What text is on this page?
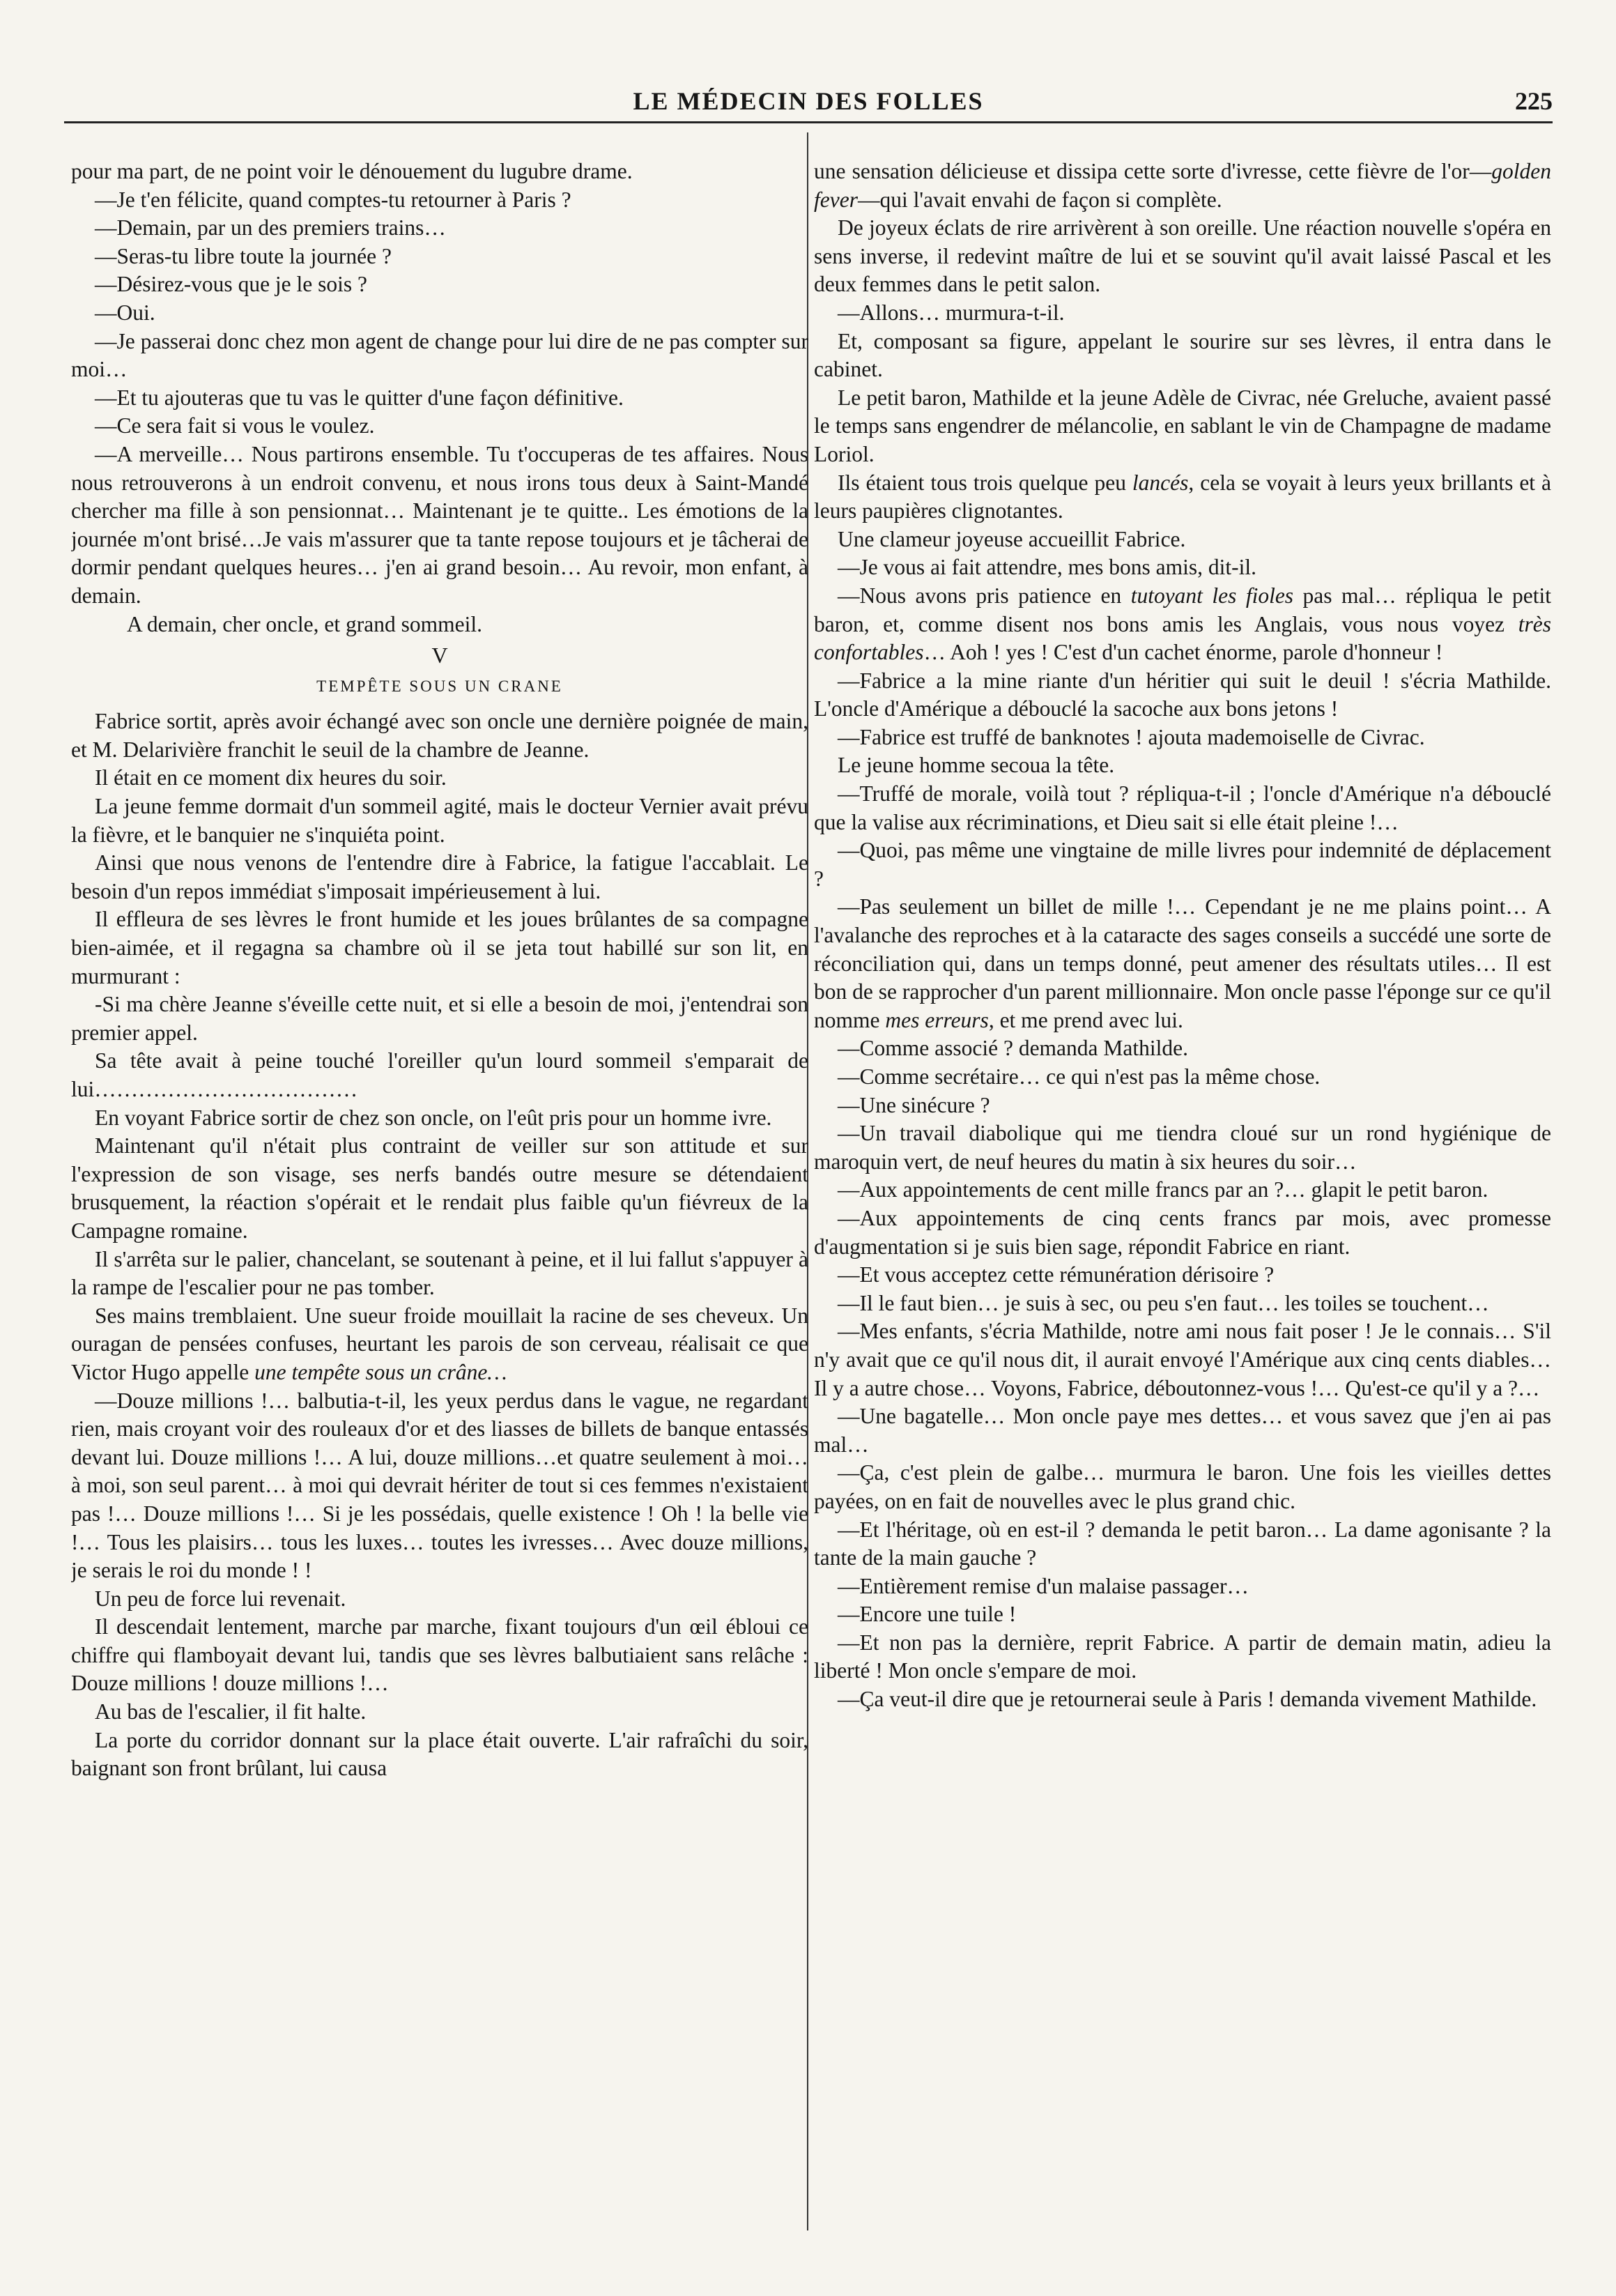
LE MÉDECIN DES FOLLES	225

pour ma part, de ne point voir le dénouement du lugubre drame.

—Je t'en félicite, quand comptes-tu retourner à Paris ?

—Demain, par un des premiers trains…

—Seras-tu libre toute la journée ?

—Désirez-vous que je le sois ?

—Oui.

—Je passerai donc chez mon agent de change pour lui dire de ne pas compter sur moi…

—Et tu ajouteras que tu vas le quitter d'une façon définitive.

—Ce sera fait si vous le voulez.

—A merveille… Nous partirons ensemble. Tu t'occuperas de tes affaires. Nous nous retrouverons à un endroit convenu, et nous irons tous deux à Saint-Mandé chercher ma fille à son pensionnat… Maintenant je te quitte.. Les émotions de la journée m'ont brisé…Je vais m'assurer que ta tante repose toujours et je tâcherai de dormir pendant quelques heures… j'en ai grand besoin… Au revoir, mon enfant, à demain.

A demain, cher oncle, et grand sommeil.

V

TEMPÊTE SOUS UN CRANE

Fabrice sortit, après avoir échangé avec son oncle une dernière poignée de main, et M. Delarivière franchit le seuil de la chambre de Jeanne.

Il était en ce moment dix heures du soir.

La jeune femme dormait d'un sommeil agité, mais le docteur Vernier avait prévu la fièvre, et le banquier ne s'inquiéta point.

Ainsi que nous venons de l'entendre dire à Fabrice, la fatigue l'accablait. Le besoin d'un repos immédiat s'imposait impérieusement à lui.

Il effleura de ses lèvres le front humide et les joues brûlantes de sa compagne bien-aimée, et il regagna sa chambre où il se jeta tout habillé sur son lit, en murmurant :

-Si ma chère Jeanne s'éveille cette nuit, et si elle a besoin de moi, j'entendrai son premier appel.

Sa tête avait à peine touché l'oreiller qu'un lourd sommeil s'emparait de lui………………………………

En voyant Fabrice sortir de chez son oncle, on l'eût pris pour un homme ivre.

Maintenant qu'il n'était plus contraint de veiller sur son attitude et sur l'expression de son visage, ses nerfs bandés outre mesure se détendaient brusquement, la réaction s'opérait et le rendait plus faible qu'un fiévreux de la Campagne romaine.

Il s'arrêta sur le palier, chancelant, se soutenant à peine, et il lui fallut s'appuyer à la rampe de l'escalier pour ne pas tomber.

Ses mains tremblaient. Une sueur froide mouillait la racine de ses cheveux. Un ouragan de pensées confuses, heurtant les parois de son cerveau, réalisait ce que Victor Hugo appelle une tempête sous un crâne…

—Douze millions !… balbutia-t-il, les yeux perdus dans le vague, ne regardant rien, mais croyant voir des rouleaux d'or et des liasses de billets de banque entassés devant lui. Douze millions !… A lui, douze millions…et quatre seulement à moi… à moi, son seul parent… à moi qui devrait hériter de tout si ces femmes n'existaient pas !… Douze millions !… Si je les possédais, quelle existence ! Oh ! la belle vie !… Tous les plaisirs… tous les luxes… toutes les ivresses… Avec douze millions, je serais le roi du monde ! !

Un peu de force lui revenait.

Il descendait lentement, marche par marche, fixant toujours d'un œil ébloui ce chiffre qui flamboyait devant lui, tandis que ses lèvres balbutiaient sans relâche : Douze millions ! douze millions !…

Au bas de l'escalier, il fit halte.

La porte du corridor donnant sur la place était ouverte. L'air rafraîchi du soir, baignant son front brûlant, lui causa

une sensation délicieuse et dissipa cette sorte d'ivresse, cette fièvre de l'or—golden fever—qui l'avait envahi de façon si complète.

De joyeux éclats de rire arrivèrent à son oreille. Une réaction nouvelle s'opéra en sens inverse, il redevint maître de lui et se souvint qu'il avait laissé Pascal et les deux femmes dans le petit salon.

—Allons… murmura-t-il.

Et, composant sa figure, appelant le sourire sur ses lèvres, il entra dans le cabinet.

Le petit baron, Mathilde et la jeune Adèle de Civrac, née Greluche, avaient passé le temps sans engendrer de mélancolie, en sablant le vin de Champagne de madame Loriol.

Ils étaient tous trois quelque peu lancés, cela se voyait à leurs yeux brillants et à leurs paupières clignotantes.

Une clameur joyeuse accueillit Fabrice.

—Je vous ai fait attendre, mes bons amis, dit-il.

—Nous avons pris patience en tutoyant les fioles pas mal… répliqua le petit baron, et, comme disent nos bons amis les Anglais, vous nous voyez très confortables… Aoh ! yes ! C'est d'un cachet énorme, parole d'honneur !

—Fabrice a la mine riante d'un héritier qui suit le deuil ! s'écria Mathilde. L'oncle d'Amérique a débouclé la sacoche aux bons jetons !

—Fabrice est truffé de banknotes ! ajouta mademoiselle de Civrac.

Le jeune homme secoua la tête.

—Truffé de morale, voilà tout ? répliqua-t-il ; l'oncle d'Amérique n'a débouclé que la valise aux récriminations, et Dieu sait si elle était pleine !…

—Quoi, pas même une vingtaine de mille livres pour indemnité de déplacement ?

—Pas seulement un billet de mille !… Cependant je ne me plains point… A l'avalanche des reproches et à la cataracte des sages conseils a succédé une sorte de réconciliation qui, dans un temps donné, peut amener des résultats utiles… Il est bon de se rapprocher d'un parent millionnaire. Mon oncle passe l'éponge sur ce qu'il nomme mes erreurs, et me prend avec lui.

—Comme associé ? demanda Mathilde.

—Comme secrétaire… ce qui n'est pas la même chose.

—Une sinécure ?

—Un travail diabolique qui me tiendra cloué sur un rond hygiénique de maroquin vert, de neuf heures du matin à six heures du soir…

—Aux appointements de cent mille francs par an ?… glapit le petit baron.

—Aux appointements de cinq cents francs par mois, avec promesse d'augmentation si je suis bien sage, répondit Fabrice en riant.

—Et vous acceptez cette rémunération dérisoire ?

—Il le faut bien… je suis à sec, ou peu s'en faut… les toiles se touchent…

—Mes enfants, s'écria Mathilde, notre ami nous fait poser ! Je le connais… S'il n'y avait que ce qu'il nous dit, il aurait envoyé l'Amérique aux cinq cents diables… Il y a autre chose… Voyons, Fabrice, déboutonnez-vous !… Qu'est-ce qu'il y a ?…

—Une bagatelle… Mon oncle paye mes dettes… et vous savez que j'en ai pas mal…

—Ça, c'est plein de galbe… murmura le baron. Une fois les vieilles dettes payées, on en fait de nouvelles avec le plus grand chic.

—Et l'héritage, où en est-il ? demanda le petit baron… La dame agonisante ? la tante de la main gauche ?

—Entièrement remise d'un malaise passager…

—Encore une tuile !

—Et non pas la dernière, reprit Fabrice. A partir de demain matin, adieu la liberté ! Mon oncle s'empare de moi.

—Ça veut-il dire que je retournerai seule à Paris ! demanda vivement Mathilde.
